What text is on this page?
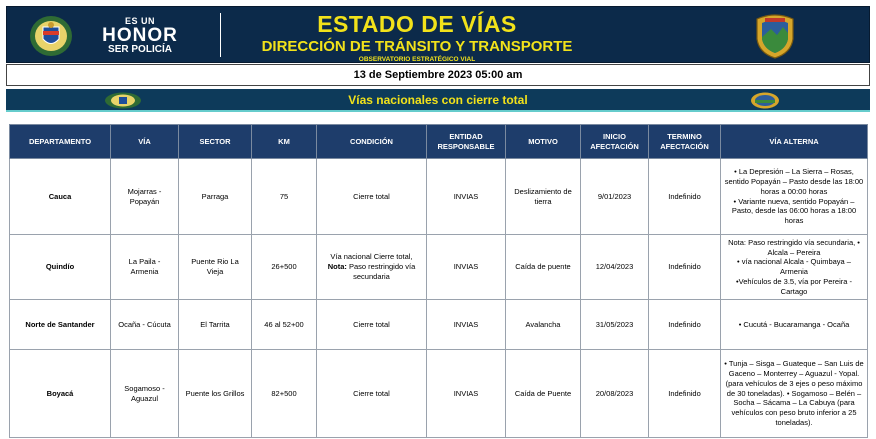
ES UN
HONOR
SER POLICÍA
ESTADO DE VÍAS
DIRECCIÓN DE TRÁNSITO Y TRANSPORTE
OBSERVATORIO ESTRATÉGICO VIAL
13 de Septiembre 2023 05:00 am
Vías nacionales con cierre total
DEPARTAMENTO	VÍA	SECTOR	KM	CONDICIÓN	ENTIDAD RESPONSABLE	MOTIVO	INICIO AFECTACIÓN	TERMINO AFECTACIÓN	VÍA ALTERNA
Cauca	Mojarras - Popayán	Parraga	75	Cierre total	INVIAS	Deslizamiento de tierra	9/01/2023	Indefinido	• La Depresión – La Sierra – Rosas, sentido Popayán – Pasto desde las 18:00 horas a 00:00 horas
• Variante nueva, sentido Popayán – Pasto, desde las 06:00 horas a 18:00 horas

Quindío	La Paila - Armenia	Puente Rio La Vieja	26+500	Vía nacional Cierre total,
Nota: Paso restringido vía secundaria	INVIAS	Caída de puente	12/04/2023	Indefinido	Nota: Paso restringido vía secundaria, • Alcala – Pereira
• vía nacional Alcala - Quimbaya – Armenia
•Vehículos de 3.5, vía por Pereira - Cartago

Norte de Santander	Ocaña - Cúcuta	El Tarrita	46 al 52+00	Cierre total	INVIAS	Avalancha	31/05/2023	Indefinido	• Cucutá - Bucaramanga - Ocaña

Boyacá	Sogamoso - Aguazul	Puente los Grillos	82+500	Cierre total	INVIAS	Caída de Puente	20/08/2023	Indefinido	• Tunja – Sisga – Guateque – San Luis de Gaceno – Monterrey – Aguazul - Yopal. (para vehículos de 3 ejes o peso máximo de 30 toneladas). • Sogamoso – Belén – Socha – Sácama – La Cabuya (para vehículos con peso bruto inferior a 25 toneladas).
